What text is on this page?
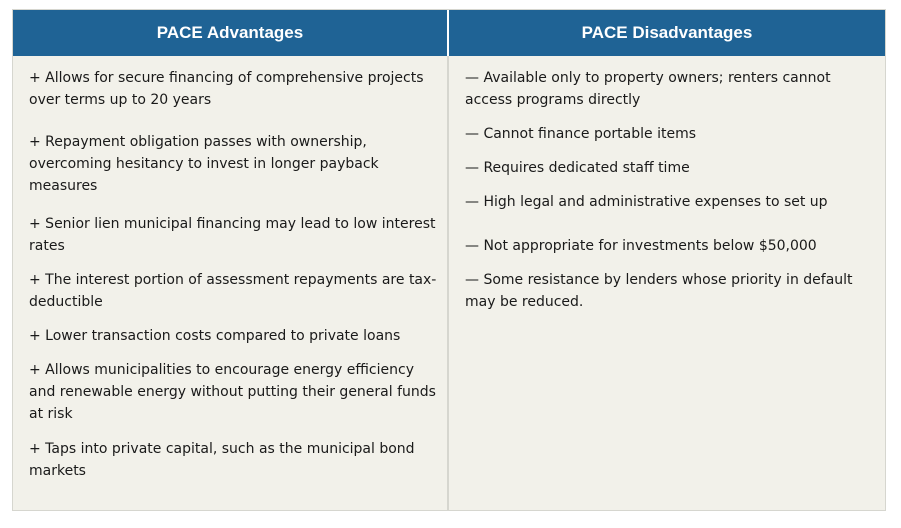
PACE Advantages	PACE Disadvantages

+ Allows for secure financing of comprehensive projects over terms up to 20 years

+ Repayment obligation passes with ownership, overcoming hesitancy to invest in longer payback measures

+ Senior lien municipal financing may lead to low interest rates

+ The interest portion of assessment repayments are tax-deductible

+ Lower transaction costs compared to private loans

+ Allows municipalities to encourage energy efficiency and renewable energy without putting their general funds at risk

+ Taps into private capital, such as the municipal bond markets

— Available only to property owners; renters cannot access programs directly

— Cannot finance portable items

— Requires dedicated staff time

— High legal and administrative expenses to set up

— Not appropriate for investments below $50,000

— Some resistance by lenders whose priority in default may be reduced.
